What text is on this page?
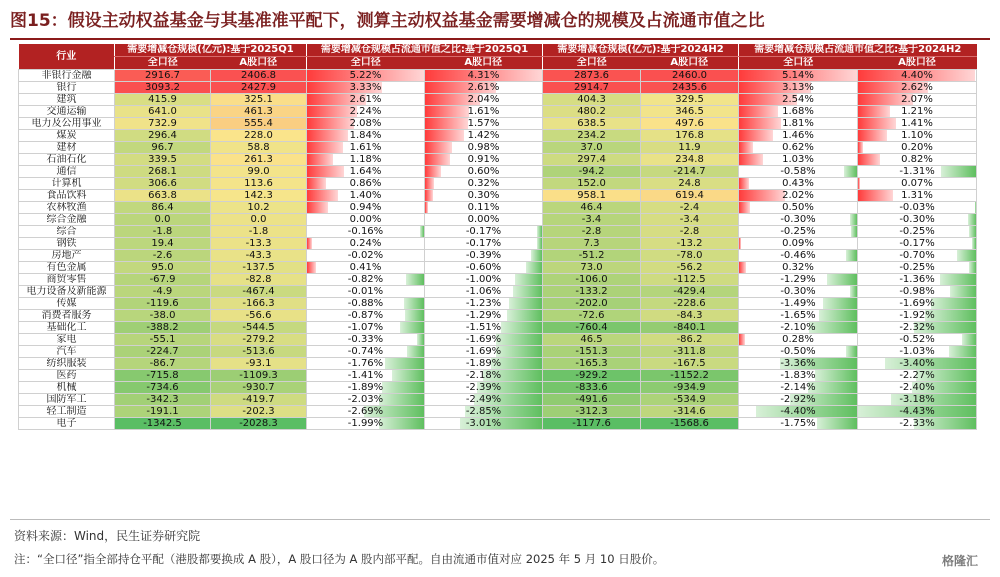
图15：假设主动权益基金与其基准准平配下，测算主动权益基金需要增减仓的规模及占流通市值之比
行业	需要增减仓规模(亿元):基于2025Q1		需要增减仓规模占流通市值之比:基于2025Q1		需要增减仓规模(亿元):基于2024H2		需要增减仓规模占流通市值之比:基于2024H2	
	全口径	A股口径	全口径	A股口径	全口径	A股口径	全口径	A股口径
非银行金融	2916.7	2406.8	5.22%	4.31%	2873.6	2460.0	5.14%	4.40%
银行	3093.2	2427.9	3.33%	2.61%	2914.7	2435.6	3.13%	2.62%
建筑	415.9	325.1	2.61%	2.04%	404.3	329.5	2.54%	2.07%
交通运输	641.0	461.3	2.24%	1.61%	480.2	346.5	1.68%	1.21%
电力及公用事业	732.9	555.4	2.08%	1.57%	638.5	497.6	1.81%	1.41%
煤炭	296.4	228.0	1.84%	1.42%	234.2	176.8	1.46%	1.10%
建材	96.7	58.8	1.61%	0.98%	37.0	11.9	0.62%	0.20%
石油石化	339.5	261.3	1.18%	0.91%	297.4	234.8	1.03%	0.82%
通信	268.1	99.0	1.64%	0.60%	-94.2	-214.7	-0.58%	-1.31%
计算机	306.6	113.6	0.86%	0.32%	152.0	24.8	0.43%	0.07%
食品饮料	663.8	142.3	1.40%	0.30%	958.1	619.4	2.02%	1.31%
农林牧渔	86.4	10.2	0.94%	0.11%	46.4	-2.4	0.50%	-0.03%
综合金融	0.0	0.0	0.00%	0.00%	-3.4	-3.4	-0.30%	-0.30%
综合	-1.8	-1.8	-0.16%	-0.17%	-2.8	-2.8	-0.25%	-0.25%
钢铁	19.4	-13.3	0.24%	-0.17%	7.3	-13.2	0.09%	-0.17%
房地产	-2.6	-43.3	-0.02%	-0.39%	-51.2	-78.0	-0.46%	-0.70%
有色金属	95.0	-137.5	0.41%	-0.60%	73.0	-56.2	0.32%	-0.25%
商贸零售	-67.9	-82.8	-0.82%	-1.00%	-106.0	-112.5	-1.29%	-1.36%
电力设备及新能源	-4.9	-467.4	-0.01%	-1.06%	-133.2	-429.4	-0.30%	-0.98%
传媒	-119.6	-166.3	-0.88%	-1.23%	-202.0	-228.6	-1.49%	-1.69%
消费者服务	-38.0	-56.6	-0.87%	-1.29%	-72.6	-84.3	-1.65%	-1.92%
基础化工	-388.2	-544.5	-1.07%	-1.51%	-760.4	-840.1	-2.10%	-2.32%
家电	-55.1	-279.2	-0.33%	-1.69%	46.5	-86.2	0.28%	-0.52%
汽车	-224.7	-513.6	-0.74%	-1.69%	-151.3	-311.8	-0.50%	-1.03%
纺织服装	-86.7	-93.1	-1.76%	-1.89%	-165.3	-167.5	-3.36%	-3.40%
医药	-715.8	-1109.3	-1.41%	-2.18%	-929.2	-1152.2	-1.83%	-2.27%
机械	-734.6	-930.7	-1.89%	-2.39%	-833.6	-934.9	-2.14%	-2.40%
国防军工	-342.3	-419.7	-2.03%	-2.49%	-491.6	-534.9	-2.92%	-3.18%
轻工制造	-191.1	-202.3	-2.69%	-2.85%	-312.3	-314.6	-4.40%	-4.43%
电子	-1342.5	-2028.3	-1.99%	-3.01%	-1177.6	-1568.6	-1.75%	-2.33%
资料来源：Wind，民生证券研究院
注：“全口径”指全部持仓平配（港股都要换成 A 股），A 股口径为 A 股内部平配。自由流通市值对应 2025 年 5 月 10 日股价。	格隆汇
